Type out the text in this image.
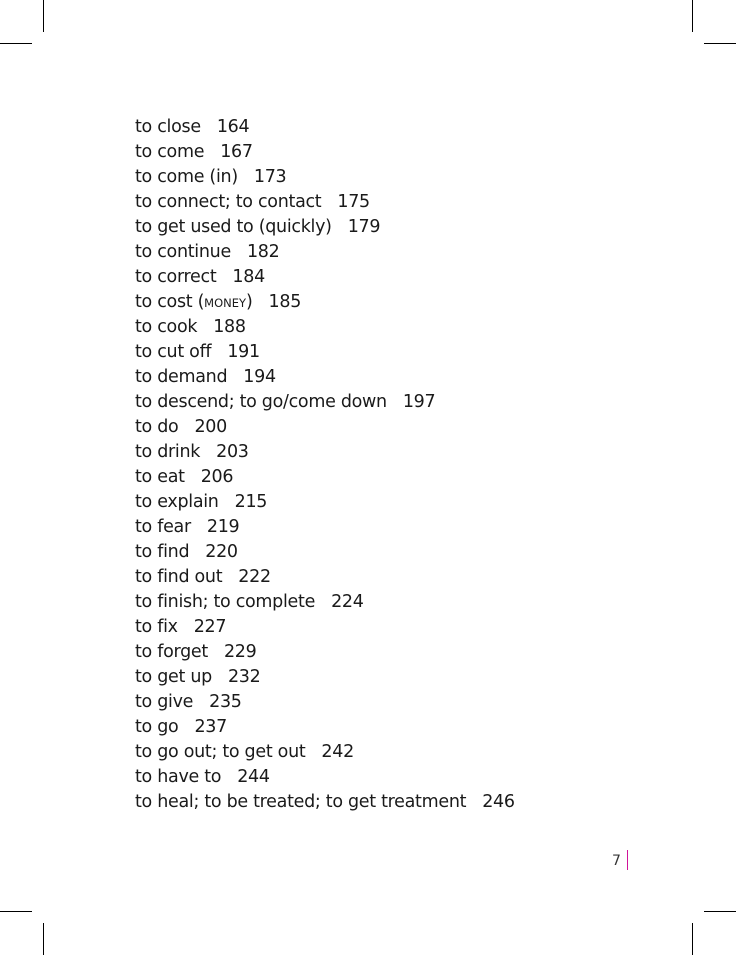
to close 164
to come 167
to come (in) 173
to connect; to contact 175
to get used to (quickly) 179
to continue 182
to correct 184
to cost (MONEY) 185
to cook 188
to cut off 191
to demand 194
to descend; to go/come down 197
to do 200
to drink 203
to eat 206
to explain 215
to fear 219
to find 220
to find out 222
to finish; to complete 224
to fix 227
to forget 229
to get up 232
to give 235
to go 237
to go out; to get out 242
to have to 244
to heal; to be treated; to get treatment 246
7
